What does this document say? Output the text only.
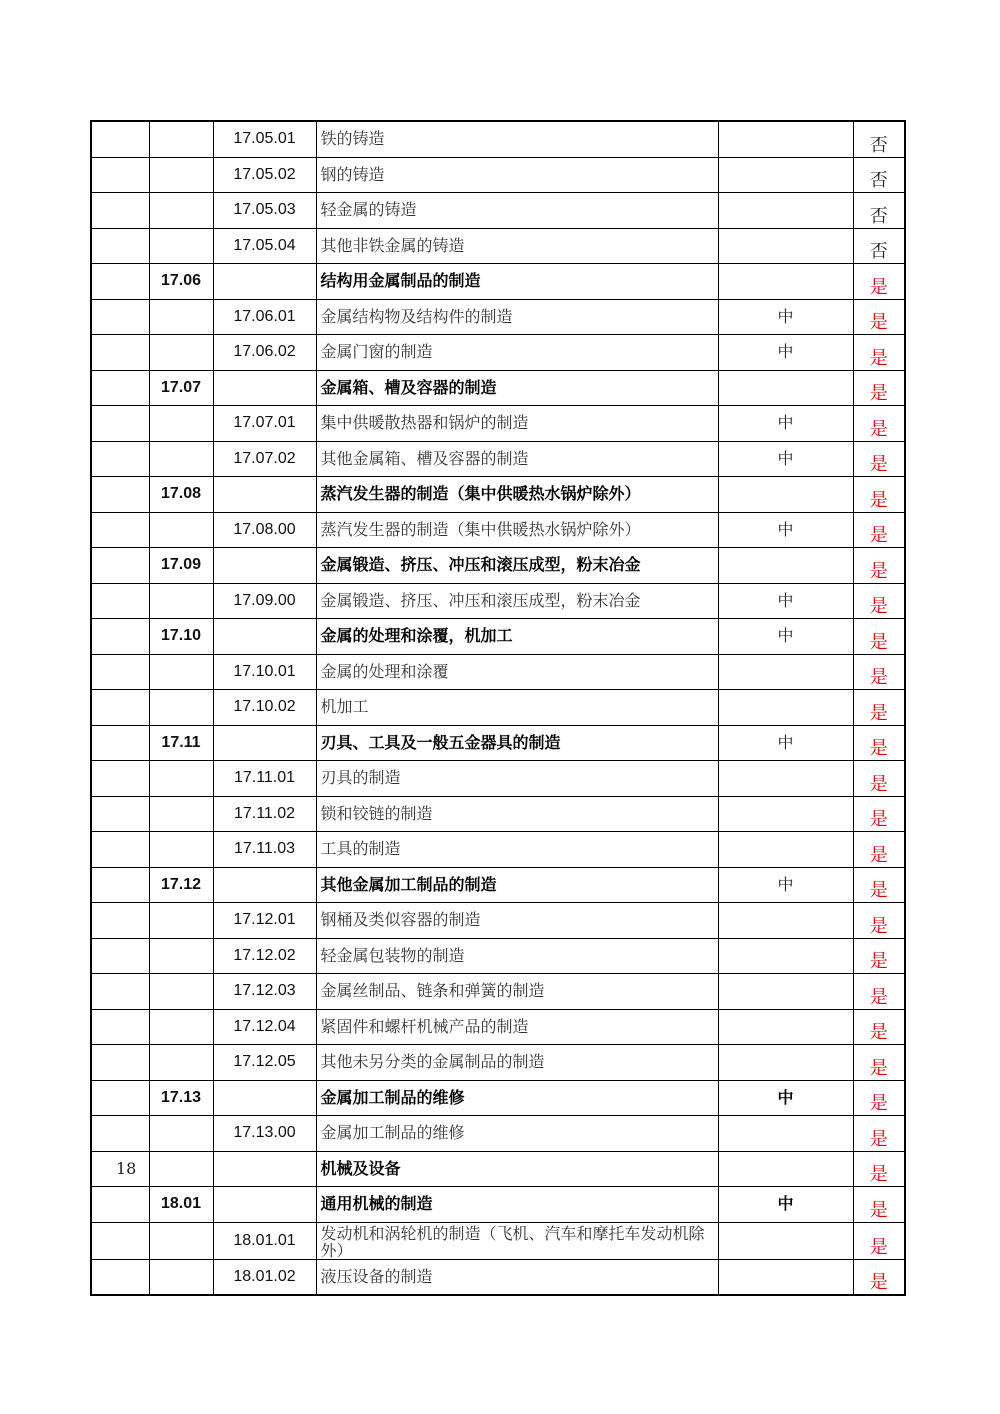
		17.05.01	铁的铸造		否
		17.05.02	钢的铸造		否
		17.05.03	轻金属的铸造		否
		17.05.04	其他非铁金属的铸造		否
	17.06		结构用金属制品的制造		是
		17.06.01	金属结构物及结构件的制造	中	是
		17.06.02	金属门窗的制造	中	是
	17.07		金属箱、槽及容器的制造		是
		17.07.01	集中供暖散热器和锅炉的制造	中	是
		17.07.02	其他金属箱、槽及容器的制造	中	是
	17.08		蒸汽发生器的制造（集中供暖热水锅炉除外）		是
		17.08.00	蒸汽发生器的制造（集中供暖热水锅炉除外）	中	是
	17.09		金属锻造、挤压、冲压和滚压成型，粉末冶金		是
		17.09.00	金属锻造、挤压、冲压和滚压成型，粉末冶金	中	是
	17.10		金属的处理和涂覆，机加工	中	是
		17.10.01	金属的处理和涂覆		是
		17.10.02	机加工		是
	17.11		刃具、工具及一般五金器具的制造	中	是
		17.11.01	刃具的制造		是
		17.11.02	锁和铰链的制造		是
		17.11.03	工具的制造		是
	17.12		其他金属加工制品的制造	中	是
		17.12.01	钢桶及类似容器的制造		是
		17.12.02	轻金属包装物的制造		是
		17.12.03	金属丝制品、链条和弹簧的制造		是
		17.12.04	紧固件和螺杆机械产品的制造		是
		17.12.05	其他未另分类的金属制品的制造		是
	17.13		金属加工制品的维修	中	是
		17.13.00	金属加工制品的维修		是
18			机械及设备		是
	18.01		通用机械的制造	中	是
		18.01.01	发动机和涡轮机的制造（飞机、汽车和摩托车发动机除外）		是
		18.01.02	液压设备的制造		是
